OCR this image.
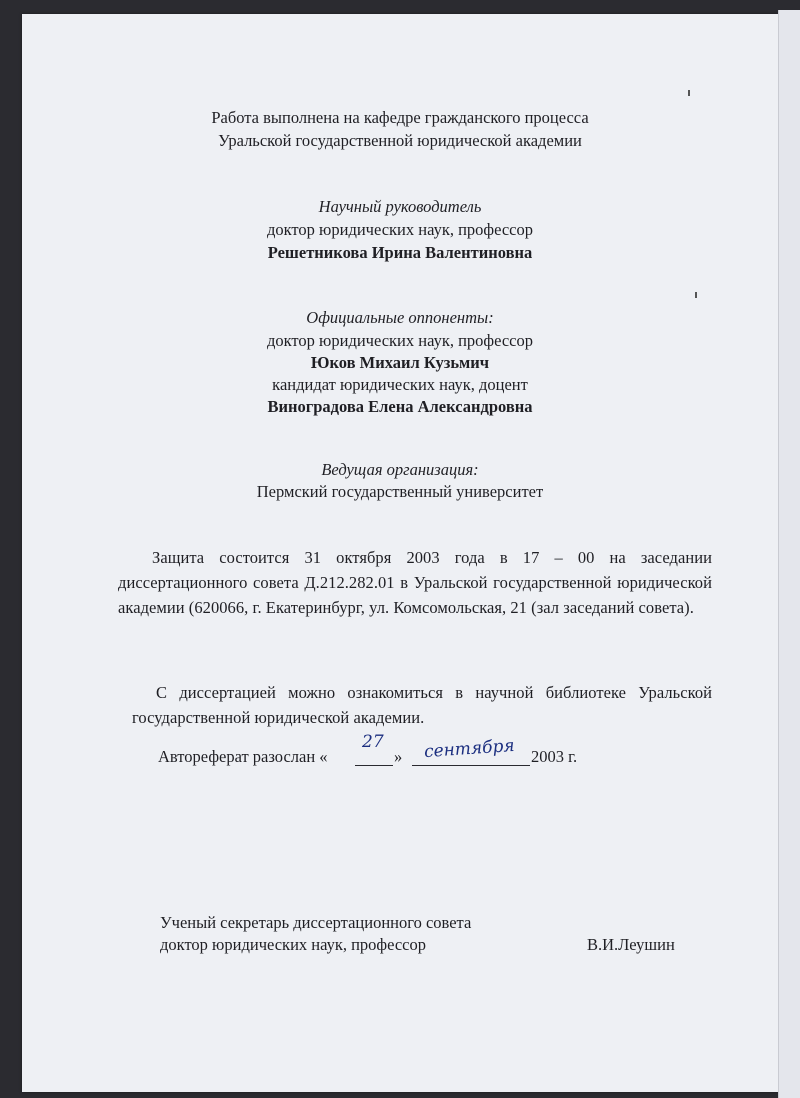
Работа выполнена на кафедре гражданского процесса
Уральской государственной юридической академии
Научный руководитель
доктор юридических наук, профессор
Решетникова Ирина Валентиновна
Официальные оппоненты:
доктор юридических наук, профессор
Юков Михаил Кузьмич
кандидат юридических наук, доцент
Виноградова Елена Александровна
Ведущая организация:
Пермский государственный университет
Защита состоится 31 октября 2003 года в 17 – 00 на заседании диссертационного совета Д.212.282.01 в Уральской государственной юридической академии (620066, г. Екатеринбург, ул. Комсомольская, 21 (зал заседаний совета).
С диссертацией можно ознакомиться в научной библиотеке Уральской государственной юридической академии.
Автореферат разослан «
27
» сентября 2003 г.
Ученый секретарь диссертационного совета
доктор юридических наук, профессор	В.И.Леушин
